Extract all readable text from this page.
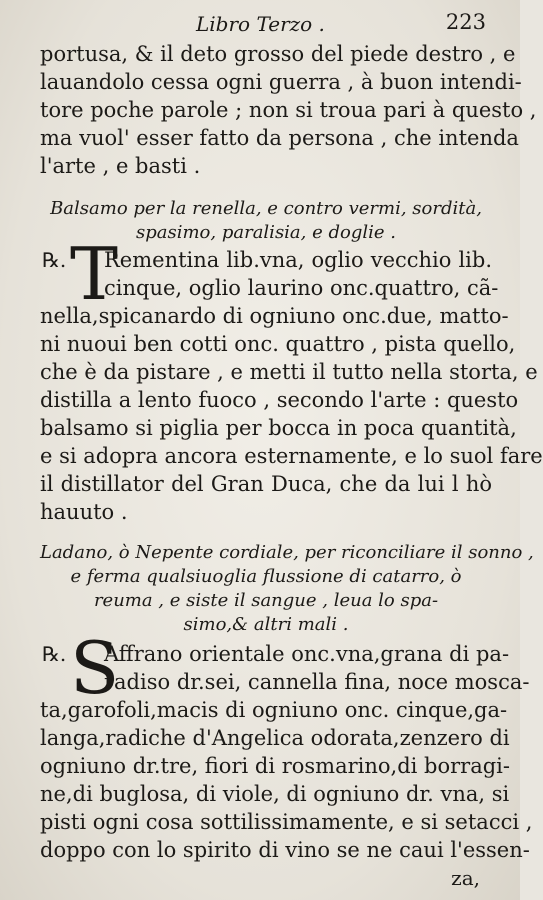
Libro Terzo .	223
portusa, & il deto grosso del piede destro , e
lauandolo cessa ogni guerra , à buon intendi-
tore poche parole ; non si troua pari à questo ,
ma vuol' esser fatto da persona , che intenda
l'arte , e basti .
Balsamo per la renella, e contro vermi, sordità,
spasimo, paralisia, e doglie .
℞. T
Rementina lib.vna, oglio vecchio lib.
cinque, oglio laurino onc.quattro, cã-
nella,spicanardo di ogniuno onc.due, matto-
ni nuoui ben cotti onc. quattro , pista quello,
che è da pistare , e metti il tutto nella storta, e
distilla a lento fuoco , secondo l'arte : questo
balsamo si piglia per bocca in poca quantità,
e si adopra ancora esternamente, e lo suol fare
il distillator del Gran Duca, che da lui l hò
hauuto .
Ladano, ò Nepente cordiale, per riconciliare il sonno ,
e ferma qualsiuoglia flussione di catarro, ò
reuma , e siste il sangue , leua lo spa-
simo,& altri mali .
℞. S
Affrano orientale onc.vna,grana di pa-
radiso dr.sei, cannella fina, noce mosca-
ta,garofoli,macis di ogniuno onc. cinque,ga-
langa,radiche d'Angelica odorata,zenzero di
ogniuno dr.tre, fiori di rosmarino,di borragi-
ne,di buglosa, di viole, di ogniuno dr. vna, si
pisti ogni cosa sottilissimamente, e si setacci ,
doppo con lo spirito di vino se ne caui l'essen-
za,
